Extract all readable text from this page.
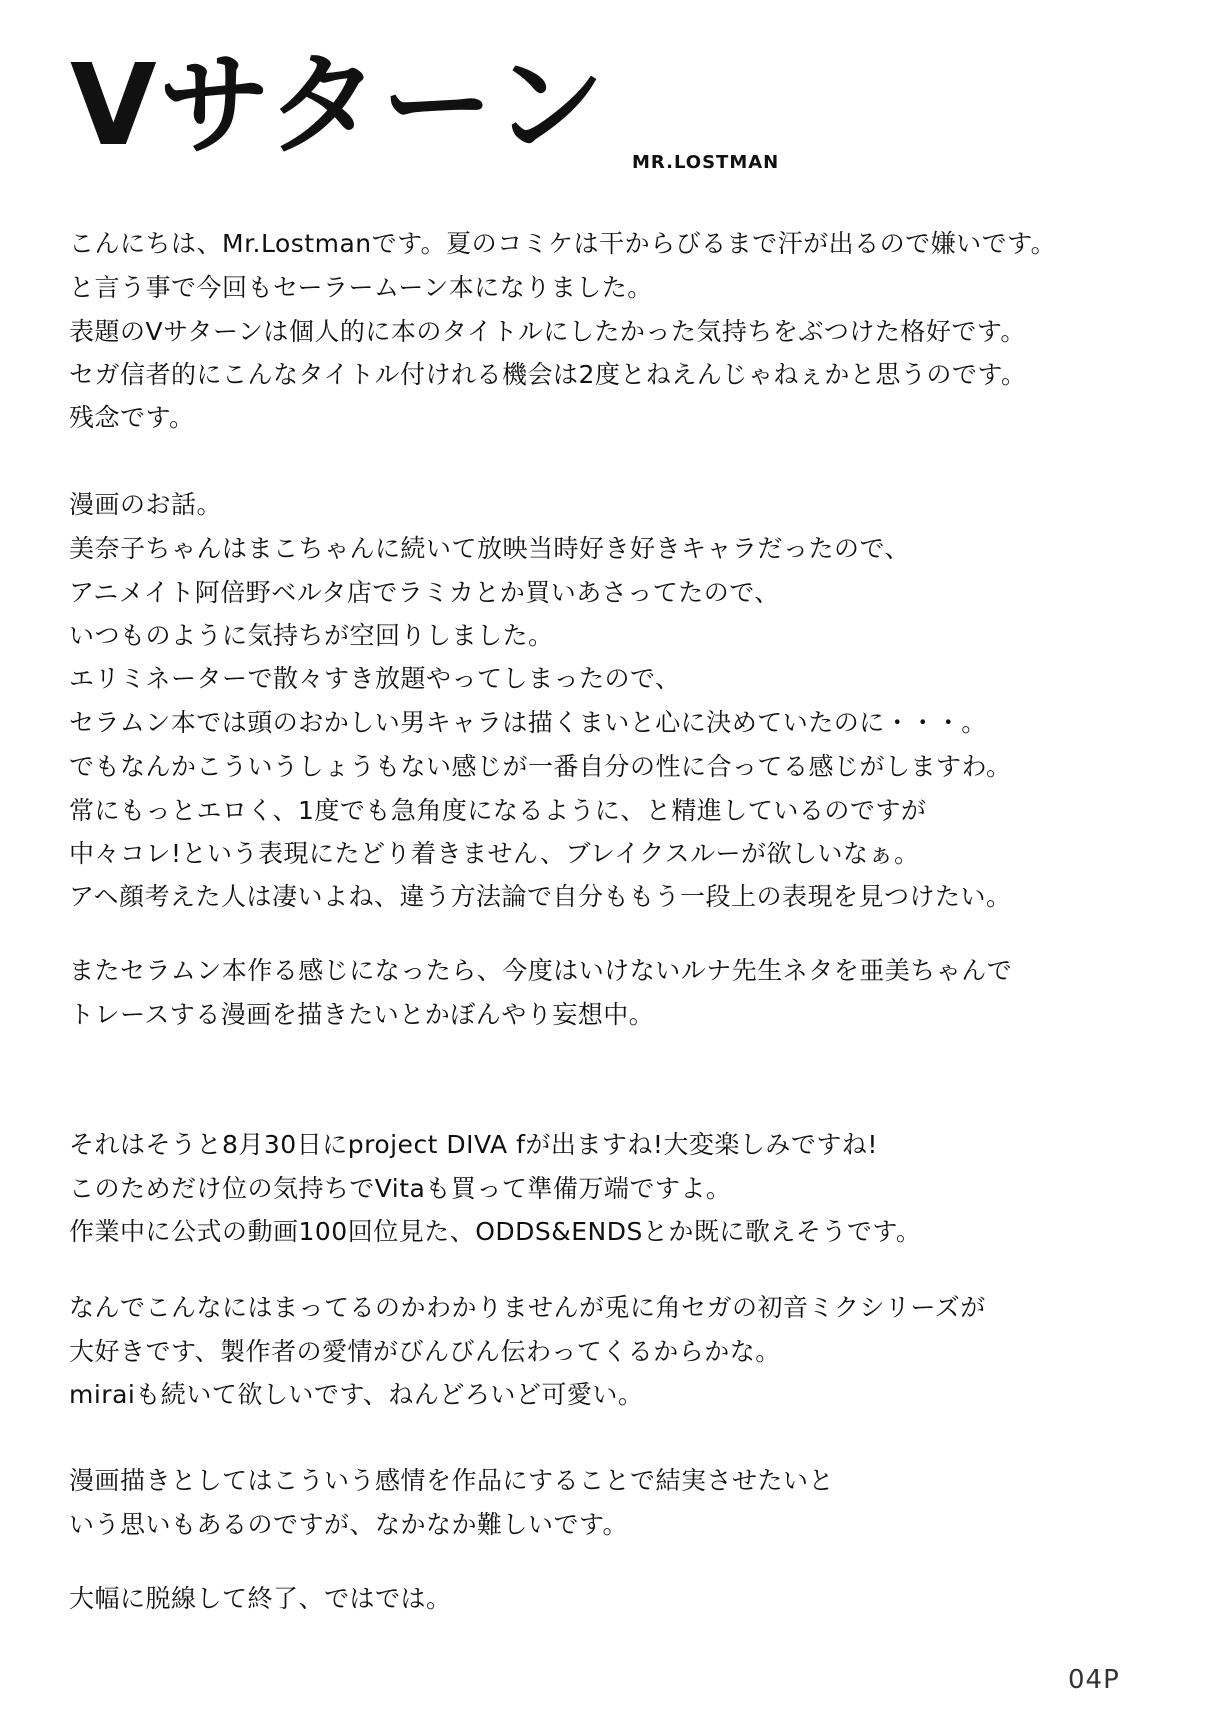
Vサターン MR.LOSTMAN
こんにちは、Mr.Lostmanです。夏のコミケは干からびるまで汗が出るので嫌いです。
と言う事で今回もセーラームーン本になりました。
表題のVサターンは個人的に本のタイトルにしたかった気持ちをぶつけた格好です。
セガ信者的にこんなタイトル付けれる機会は2度とねえんじゃねぇかと思うのです。
残念です。
漫画のお話。
美奈子ちゃんはまこちゃんに続いて放映当時好き好きキャラだったので、
アニメイト阿倍野ベルタ店でラミカとか買いあさってたので、
いつものように気持ちが空回りしました。
エリミネーターで散々すき放題やってしまったので、
セラムン本では頭のおかしい男キャラは描くまいと心に決めていたのに・・・。
でもなんかこういうしょうもない感じが一番自分の性に合ってる感じがしますわ。
常にもっとエロく、1度でも急角度になるように、と精進しているのですが
中々コレ!という表現にたどり着きません、ブレイクスルーが欲しいなぁ。
アヘ顔考えた人は凄いよね、違う方法論で自分ももう一段上の表現を見つけたい。
またセラムン本作る感じになったら、今度はいけないルナ先生ネタを亜美ちゃんで
トレースする漫画を描きたいとかぼんやり妄想中。
それはそうと8月30日にproject DIVA fが出ますね!大変楽しみですね!
このためだけ位の気持ちでVitaも買って準備万端ですよ。
作業中に公式の動画100回位見た、ODDS&ENDSとか既に歌えそうです。
なんでこんなにはまってるのかわかりませんが兎に角セガの初音ミクシリーズが
大好きです、製作者の愛情がびんびん伝わってくるからかな。
miraiも続いて欲しいです、ねんどろいど可愛い。
漫画描きとしてはこういう感情を作品にすることで結実させたいと
いう思いもあるのですが、なかなか難しいです。
大幅に脱線して終了、ではでは。
04P
